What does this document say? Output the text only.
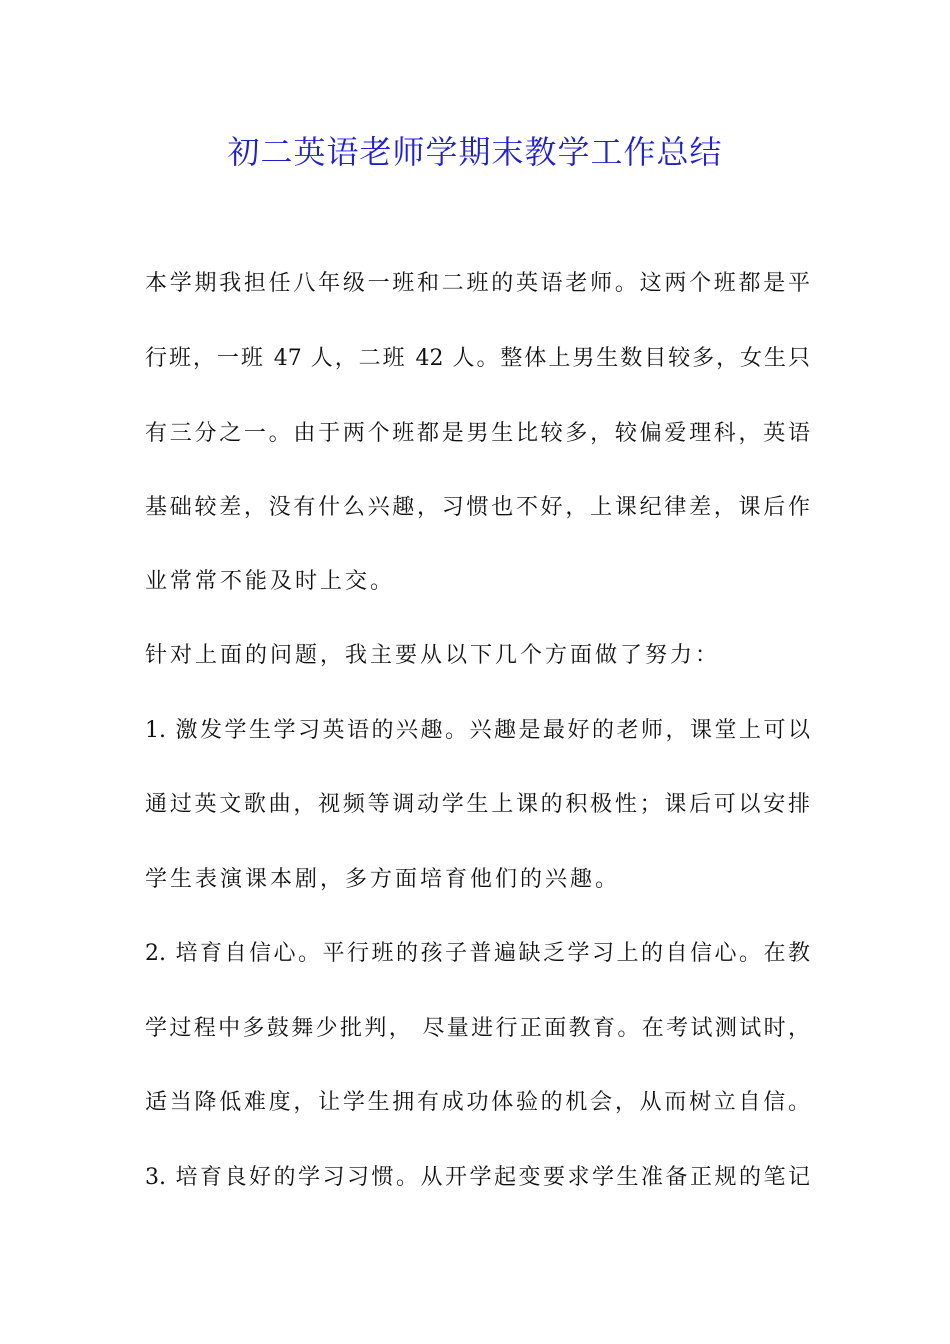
初二英语老师学期末教学工作总结
本学期我担任八年级一班和二班的英语老师。这两个班都是平
行班，一班 47 人，二班 42 人。整体上男生数目较多，女生只
有三分之一。由于两个班都是男生比较多，较偏爱理科，英语
基础较差，没有什么兴趣，习惯也不好，上课纪律差，课后作
业常常不能及时上交。
针对上面的问题，我主要从以下几个方面做了努力：
1. 激发学生学习英语的兴趣。兴趣是最好的老师，课堂上可以
通过英文歌曲，视频等调动学生上课的积极性；课后可以安排
学生表演课本剧，多方面培育他们的兴趣。
2. 培育自信心。平行班的孩子普遍缺乏学习上的自信心。在教
学过程中多鼓舞少批判， 尽量进行正面教育。在考试测试时，
适当降低难度，让学生拥有成功体验的机会，从而树立自信。
3. 培育良好的学习习惯。从开学起变要求学生准备正规的笔记
